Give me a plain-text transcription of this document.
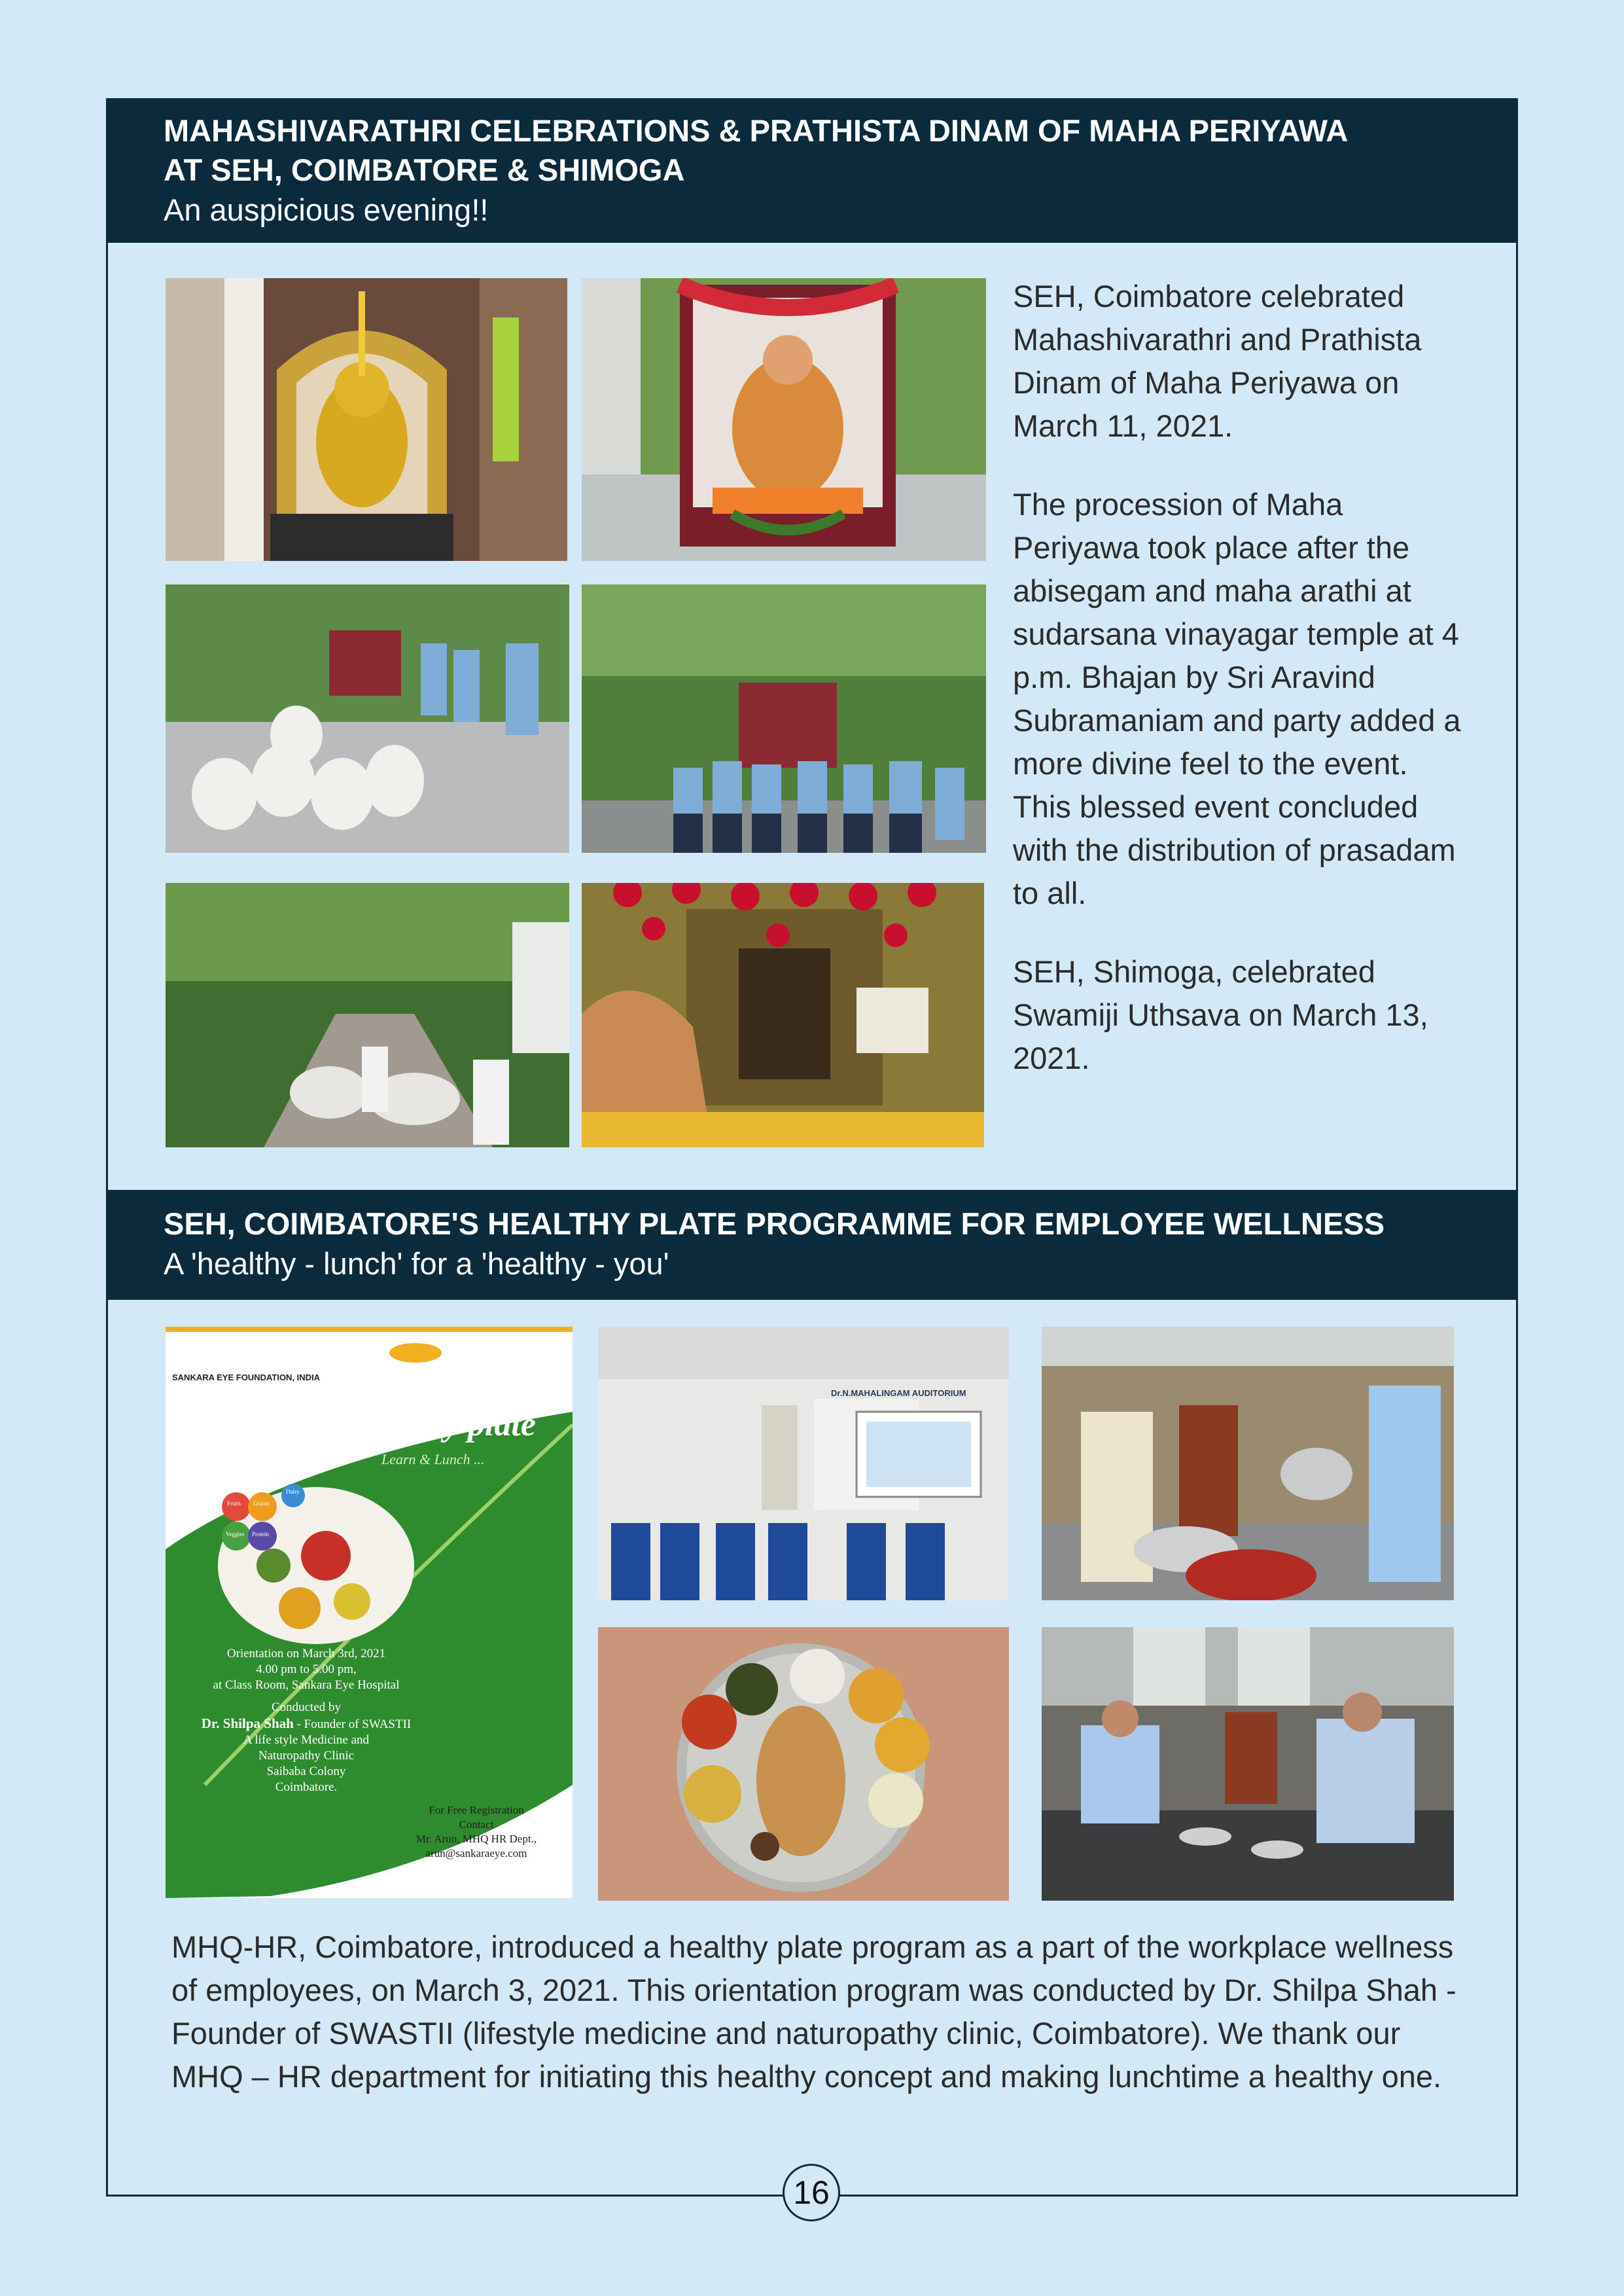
MAHASHIVARATHRI CELEBRATIONS & PRATHISTA DINAM OF MAHA PERIYAWA
AT SEH, COIMBATORE & SHIMOGA
An auspicious evening!!

SEH, Coimbatore celebrated Mahashivarathri and Prathista Dinam of Maha Periyawa on March 11, 2021.

The procession of Maha Periyawa took place after the abisegam and maha arathi at sudarsana vinayagar temple at 4 p.m. Bhajan by Sri Aravind Subramaniam and party added a more divine feel to the event. This blessed event concluded with the distribution of prasadam to all.

SEH, Shimoga, celebrated Swamiji Uthsava on March 13, 2021.

SEH, COIMBATORE'S HEALTHY PLATE PROGRAMME FOR EMPLOYEE WELLNESS
A 'healthy - lunch' for a 'healthy - you'
SANKARA EYE FOUNDATION, INDIA
SEFI's Workplace Wellness
healthy plate
Learn & Lunch ...
Fruits Grains
Dairy
Veggies Protein
Orientation on March 3rd, 2021
4.00 pm to 5.00 pm,
at Class Room, Sankara Eye Hospital
Conducted by
Dr. Shilpa Shah - Founder of SWASTII
A life style Medicine and
Naturopathy Clinic
Saibaba Colony
Coimbatore.
For Free Registration
Contact
Mr. Arun, MHQ HR Dept.,
arun@sankaraeye.com
Dr.N.MAHALINGAM AUDITORIUM
MHQ-HR, Coimbatore, introduced a healthy plate program as a part of the workplace wellness of employees, on March 3, 2021. This orientation program was conducted by Dr. Shilpa Shah - Founder of SWASTII (lifestyle medicine and naturopathy clinic, Coimbatore). We thank our MHQ – HR department for initiating this healthy concept and making lunchtime a healthy one.
16
